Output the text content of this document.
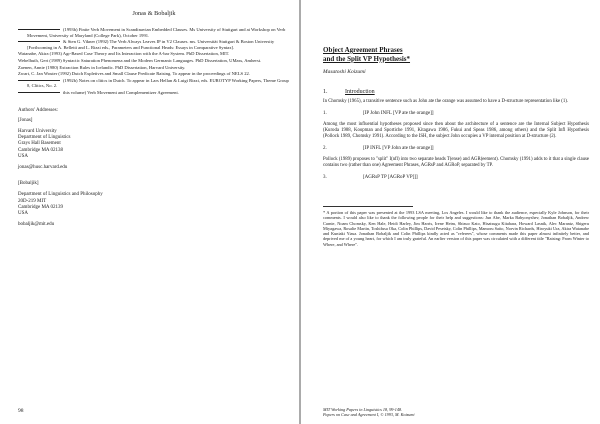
Jonas & Bobaljik
(1993b) Finite Verb Movement in Scandinavian Embedded Clauses. Ms University of Stuttgart and at Workshop on Verb Movement, University of Maryland (College Park), October 1991.
& Sten G. Vikner (1992) The Verb Always Leaves IP in V2 Clauses. ms. Universität Stuttgart & Boston University [Forthcoming in A. Belletti and L. Rizzi eds., Parameters and Functional Heads: Essays in Comparative Syntax].
Watanabe, Akira (1993) Agr-Based Case Theory and Its Interaction with the A-bar System. PhD Dissertation, MIT.
Webelhuth, Gert (1989) Syntactic Saturation Phenomena and the Modern Germanic Languages. PhD Dissertation, UMass, Amherst.
Zaenen, Annie (1980) Extraction Rules in Icelandic. PhD Dissertation, Harvard University.
Zwart, C. Jan Wouter (1992) Dutch Expletives and Small Clause Predicate Raising. To appear in the proceedings of NELS 22.
(1992b) Notes on clitics in Dutch. To appear in Lars Hellan & Luigi Rizzi, eds. EUROTYP Working Papers, Theme Group 8, Clitics, No. 2.
this volume) Verb Movement and Complementizer Agreement.
Authors' Addresses:
[Jonas]
Harvard University
Department of Linguistics
Grays Hall Basement
Cambridge MA 02138
USA
jonas@husc.harvard.edu
[Bobaljik]
Department of Linguistics and Philosophy
20D-219 MIT
Cambridge MA 02139
USA
bobaljik@mit.edu
98
Object Agreement Phrases
and the Split VP Hypothesis*
Masatoshi Koizumi
1.	Introduction

In Chomsky (1965), a transitive sentence such as John ate the orange was assumed to have a D-structure representation like (1).

1.	[IP John INFL [VP ate the orange]]

Among the most influential hypotheses proposed since then about the architecture of a sentence are the Internal Subject Hypothesis (Kuroda 1988, Koopman and Sportiche 1991, Kitagawa 1986, Fukui and Speas 1986, among others) and the Split Infl Hypothesis (Pollock 1989, Chomsky 1991). According to the ISH, the subject John occupies a VP internal position at D-structure (2).

2.	[IP INFL [VP John ate the orange]]

Pollock (1989) proposes to "split" I(nfl) into two separate heads T(ense) and AGR(eement). Chomsky (1991) adds to it that a single clause contains two (rather than one) Agreement Phrases, AGRsP and AGRoP, separated by TP.

3.	[AGRsP TP [AGRoP VP]]]
* A portion of this paper was presented at the 1993 LSA meeting, Los Angeles. I would like to thank the audience, especially Kyle Johnson, for their comments. I would also like to thank the following people for their help and suggestions: Jun Abe, Marka Babyonyshev, Jonathan Bobaljik, Andrew Carnie, Noam Chomsky, Ken Hale, Heidi Harley, Jim Harris, Irene Heim, Shizuo Kato, Hisatsugu Kitahara, Howard Lasnik, Alec Marantz, Shigeru Miyagawa, Rosalie Martin, Toshifusa Oka, Colin Phillips, David Pesetsky, Colin Phillips, Mamoru Saito, Norvin Richards, Hiroyuki Ura, Akira Watanabe and Kuniaki Yiasa. Jonathan Bobaljik and Colin Phillips kindly acted as "referees", whose comments made this paper almost infinitely better, and deprived me of a young heart, for which I am truly grateful. An earlier version of this paper was circulated with a different title "Raising: From Winter to Where, and Where".
MIT Working Papers in Linguistics 18, 99-148.
Papers on Case and Agreement I, © 1993, M. Koizumi
